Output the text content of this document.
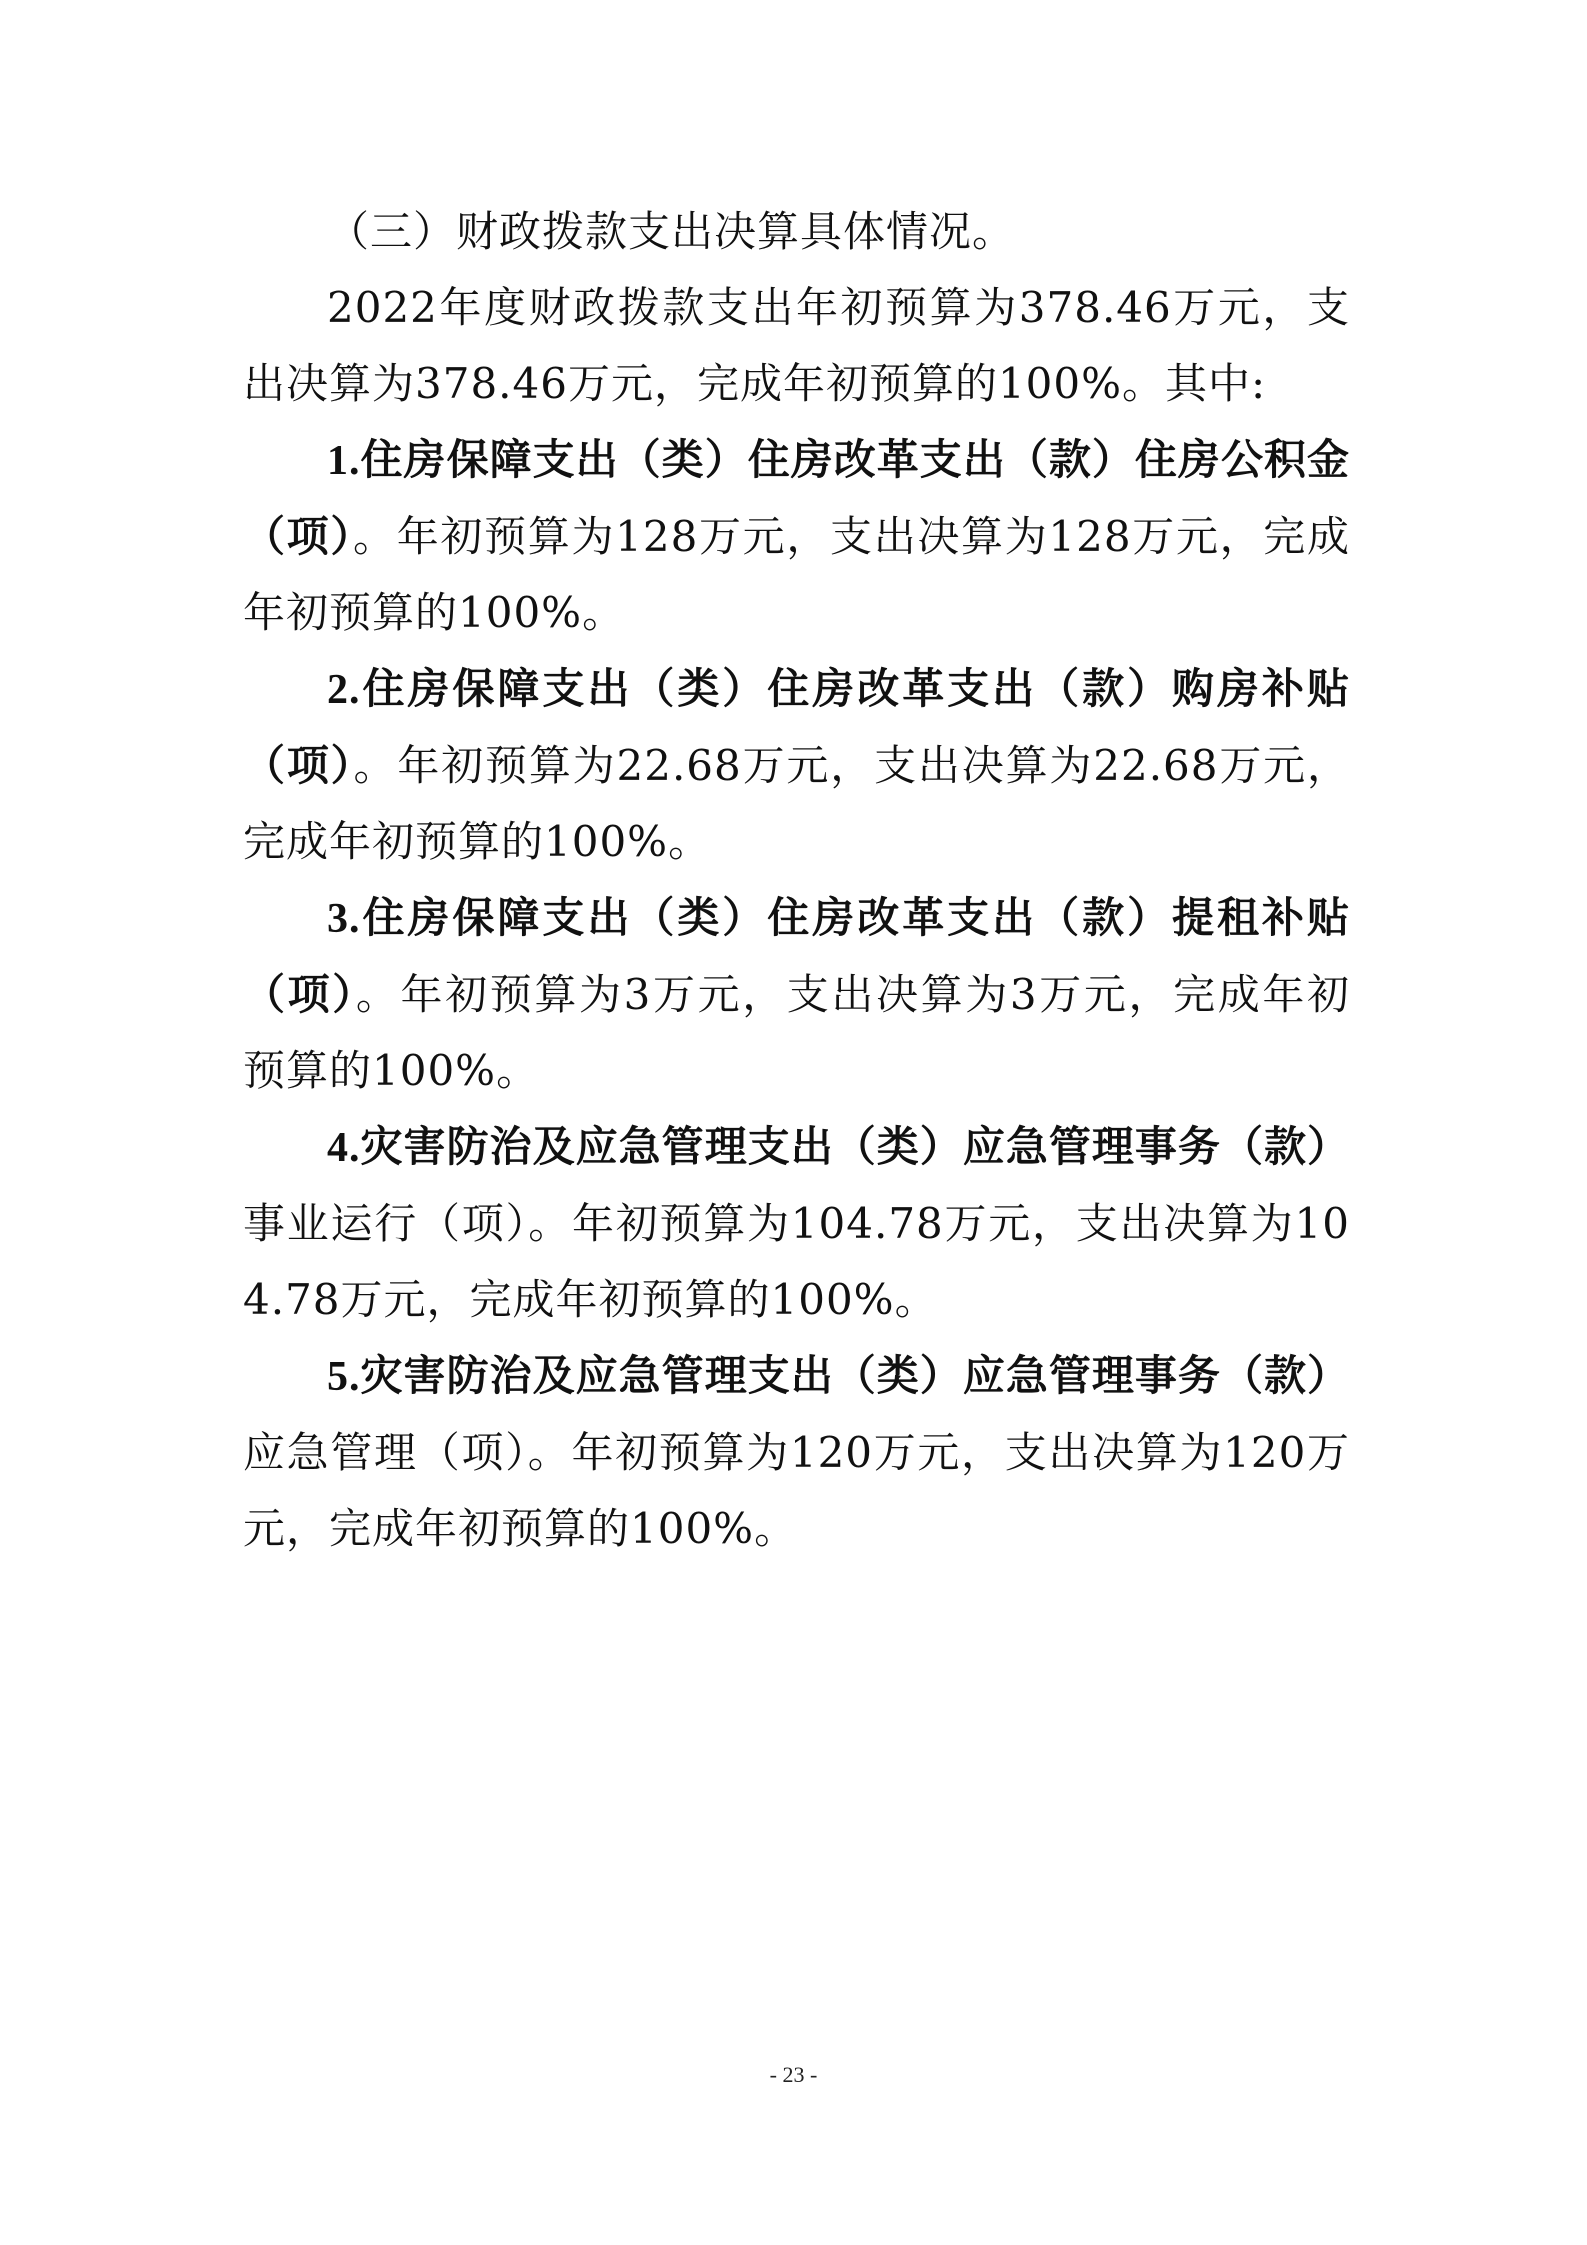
（三）财政拨款支出决算具体情况。

2022年度财政拨款支出年初预算为378.46万元，支出决算为378.46万元，完成年初预算的100%。其中:

1.住房保障支出（类）住房改革支出（款）住房公积金（项）。年初预算为128万元，支出决算为128万元，完成年初预算的100%。

2.住房保障支出（类）住房改革支出（款）购房补贴（项）。年初预算为22.68万元，支出决算为22.68万元，完成年初预算的100%。

3.住房保障支出（类）住房改革支出（款）提租补贴（项）。年初预算为3万元，支出决算为3万元，完成年初预算的100%。

4.灾害防治及应急管理支出（类）应急管理事务（款）事业运行（项）。年初预算为104.78万元，支出决算为104.78万元，完成年初预算的100%。

5.灾害防治及应急管理支出（类）应急管理事务（款）应急管理（项）。年初预算为120万元，支出决算为120万元，完成年初预算的100%。

- 23 -
